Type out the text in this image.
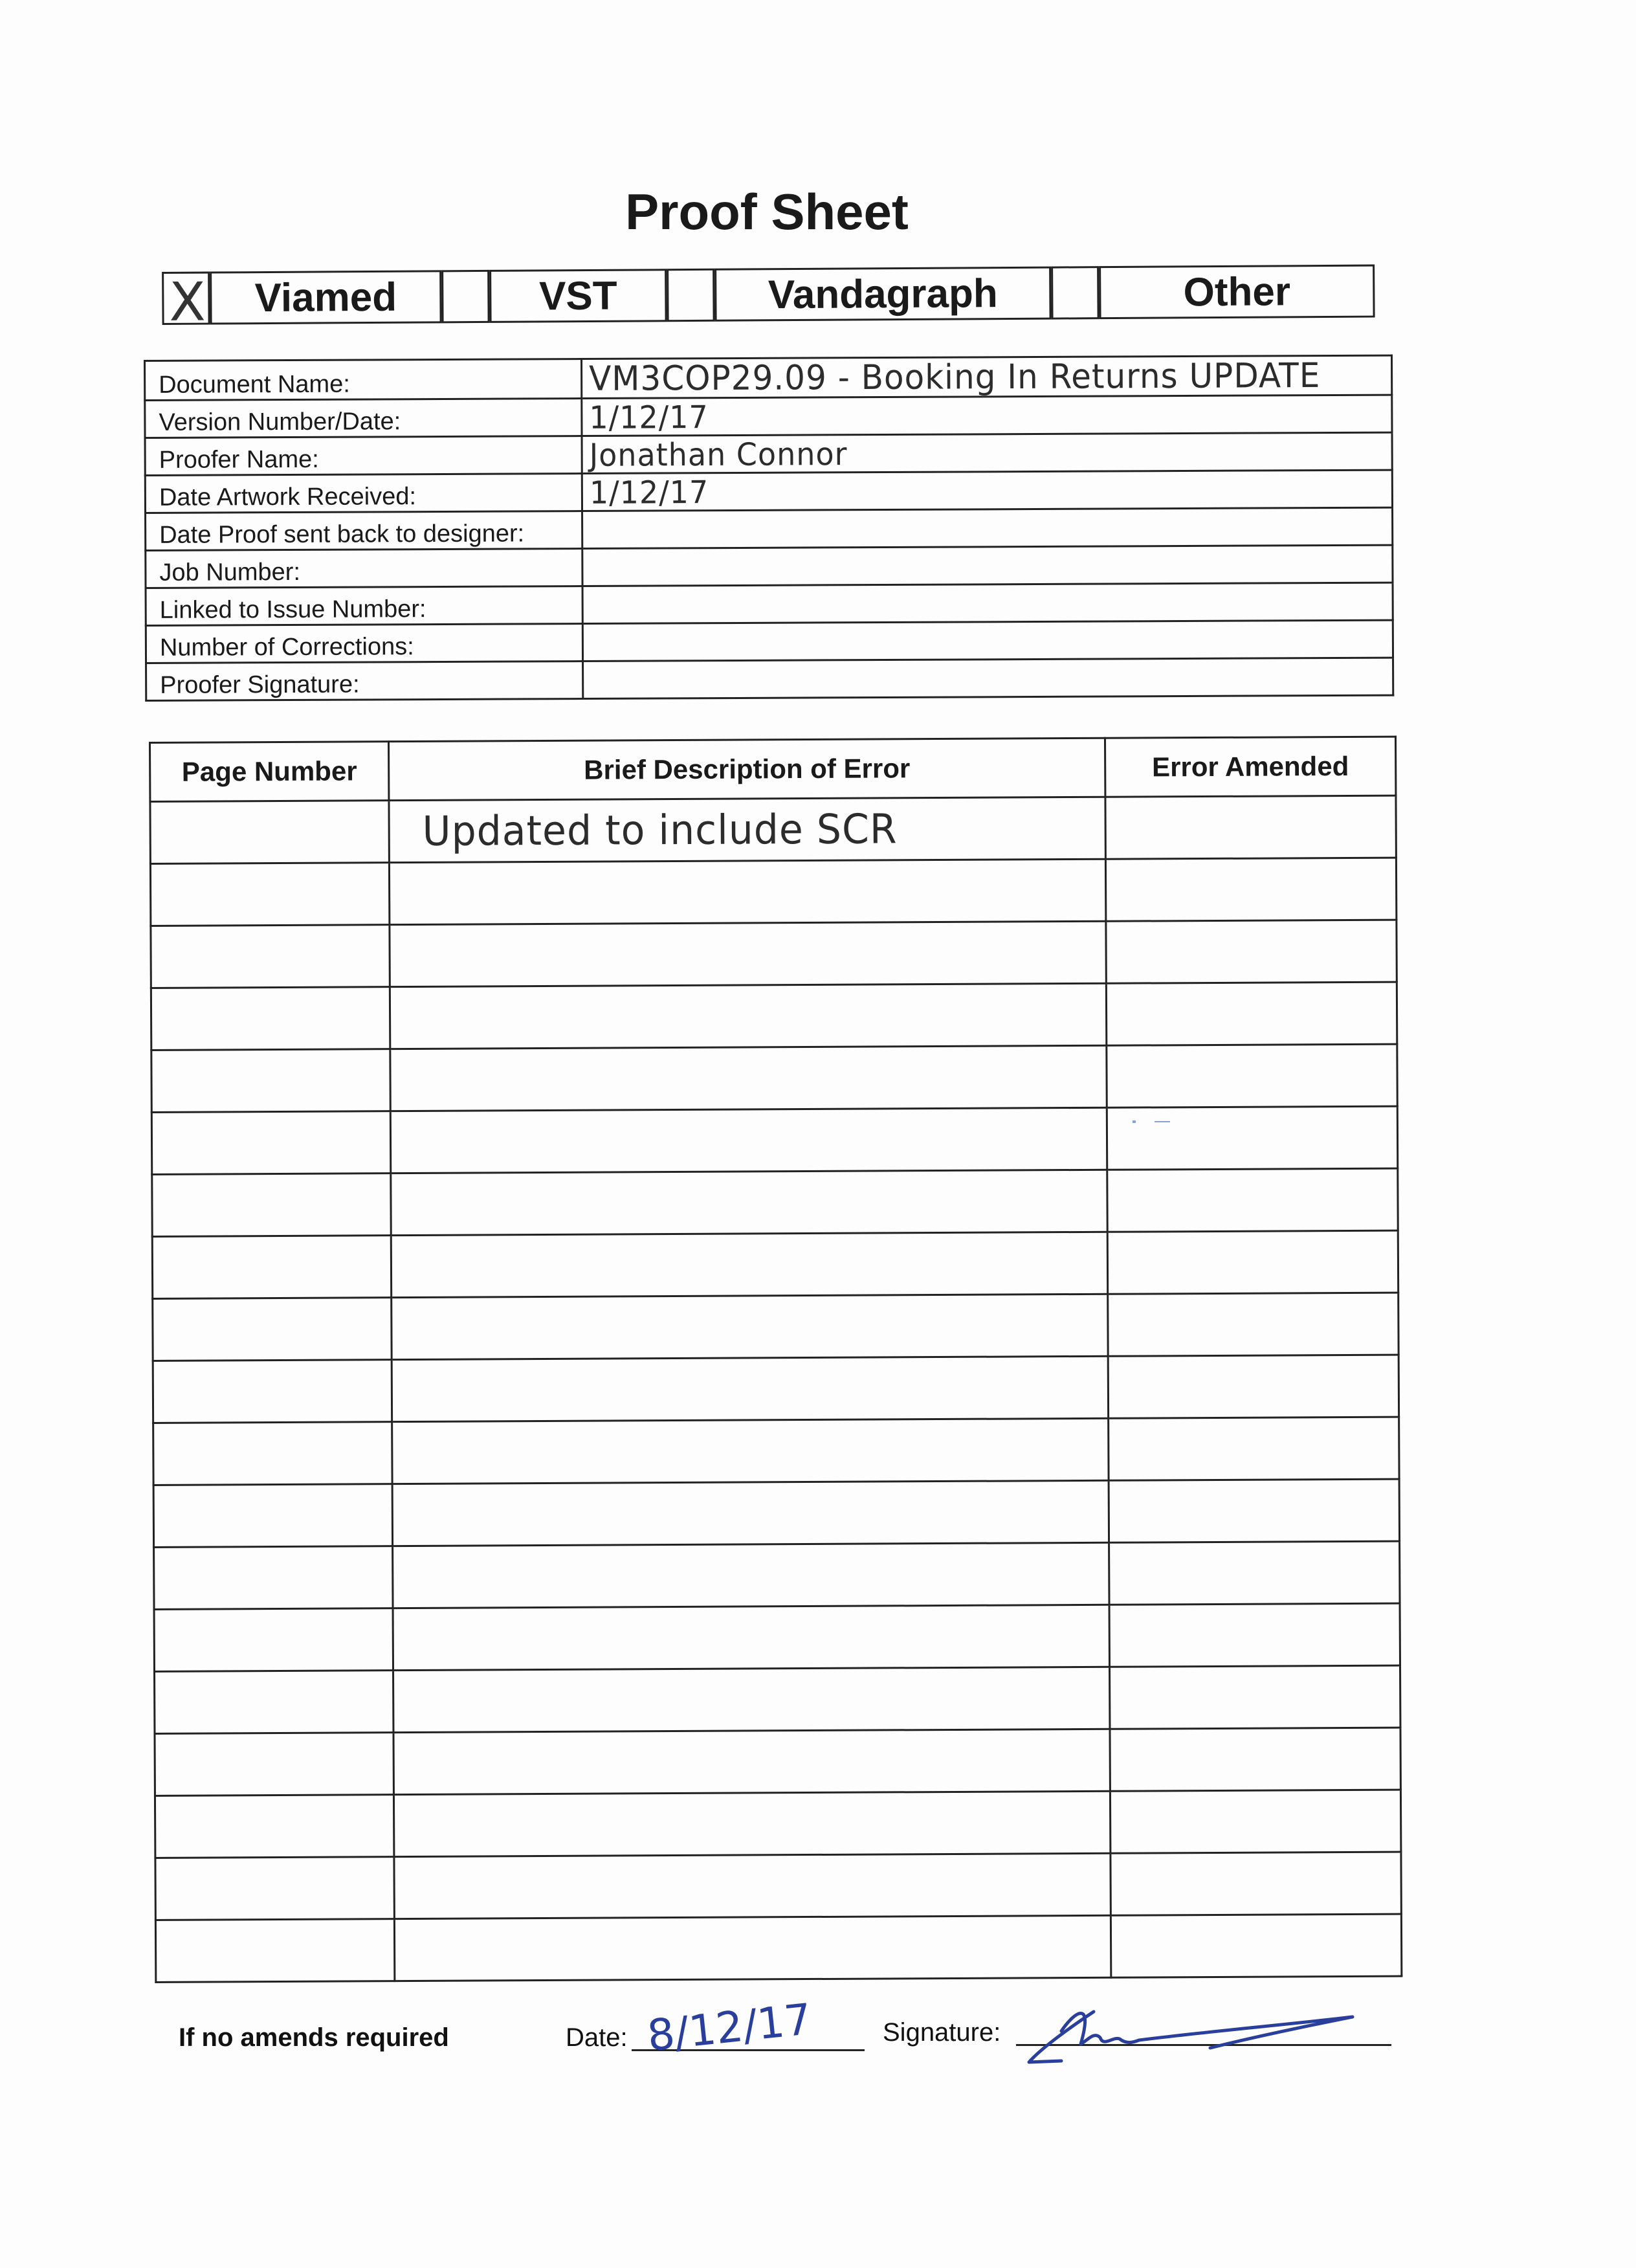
Proof Sheet
X	Viamed	VST	Vandagraph	Other
Document Name:	VM3COP29.09 - Booking In Returns UPDATE
Version Number/Date:	1/12/17
Proofer Name:	Jonathan Connor
Date Artwork Received:	1/12/17
Date Proof sent back to designer:	
Job Number:	
Linked to Issue Number:	
Number of Corrections:	
Proofer Signature:	
Page Number	Brief Description of Error	Error Amended
	Updated to include SCR	

If no amends required	Date: 8/12/17	Signature:
